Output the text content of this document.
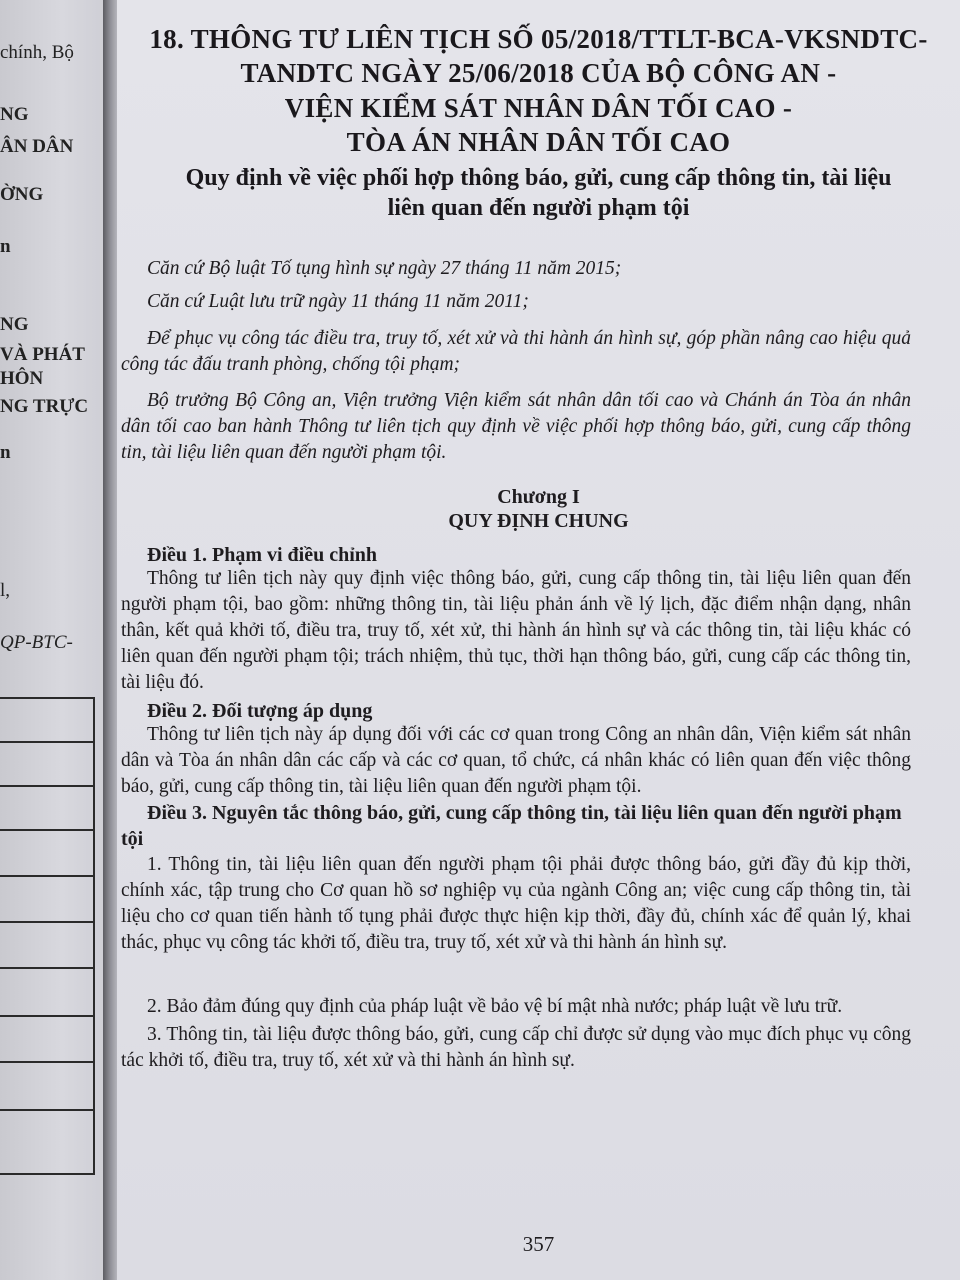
chính, Bộ
NG
ÂN DÂN
ỜNG
n
NG
VÀ PHÁT
HÔN
NG TRỰC
n
l,
QP-BTC-
18. THÔNG TƯ LIÊN TỊCH SỐ 05/2018/TTLT-BCA-VKSNDTC-
TANDTC NGÀY 25/06/2018 CỦA BỘ CÔNG AN -
VIỆN KIỂM SÁT NHÂN DÂN TỐI CAO -
TÒA ÁN NHÂN DÂN TỐI CAO
Quy định về việc phối hợp thông báo, gửi, cung cấp thông tin, tài liệu
liên quan đến người phạm tội

Căn cứ Bộ luật Tố tụng hình sự ngày 27 tháng 11 năm 2015;

Căn cứ Luật lưu trữ ngày 11 tháng 11 năm 2011;

Để phục vụ công tác điều tra, truy tố, xét xử và thi hành án hình sự, góp phần nâng cao hiệu quả công tác đấu tranh phòng, chống tội phạm;

Bộ trưởng Bộ Công an, Viện trưởng Viện kiểm sát nhân dân tối cao và Chánh án Tòa án nhân dân tối cao ban hành Thông tư liên tịch quy định về việc phối hợp thông báo, gửi, cung cấp thông tin, tài liệu liên quan đến người phạm tội.

Chương I
QUY ĐỊNH CHUNG
Điều 1. Phạm vi điều chỉnh

Thông tư liên tịch này quy định việc thông báo, gửi, cung cấp thông tin, tài liệu liên quan đến người phạm tội, bao gồm: những thông tin, tài liệu phản ánh về lý lịch, đặc điểm nhận dạng, nhân thân, kết quả khởi tố, điều tra, truy tố, xét xử, thi hành án hình sự và các thông tin, tài liệu khác có liên quan đến người phạm tội; trách nhiệm, thủ tục, thời hạn thông báo, gửi, cung cấp các thông tin, tài liệu đó.

Điều 2. Đối tượng áp dụng

Thông tư liên tịch này áp dụng đối với các cơ quan trong Công an nhân dân, Viện kiểm sát nhân dân và Tòa án nhân dân các cấp và các cơ quan, tổ chức, cá nhân khác có liên quan đến việc thông báo, gửi, cung cấp thông tin, tài liệu liên quan đến người phạm tội.

Điều 3. Nguyên tắc thông báo, gửi, cung cấp thông tin, tài liệu liên quan đến người phạm tội

1. Thông tin, tài liệu liên quan đến người phạm tội phải được thông báo, gửi đầy đủ kịp thời, chính xác, tập trung cho Cơ quan hồ sơ nghiệp vụ của ngành Công an; việc cung cấp thông tin, tài liệu cho cơ quan tiến hành tố tụng phải được thực hiện kịp thời, đầy đủ, chính xác để quản lý, khai thác, phục vụ công tác khởi tố, điều tra, truy tố, xét xử và thi hành án hình sự.

2. Bảo đảm đúng quy định của pháp luật về bảo vệ bí mật nhà nước; pháp luật về lưu trữ.

3. Thông tin, tài liệu được thông báo, gửi, cung cấp chỉ được sử dụng vào mục đích phục vụ công tác khởi tố, điều tra, truy tố, xét xử và thi hành án hình sự.

357
